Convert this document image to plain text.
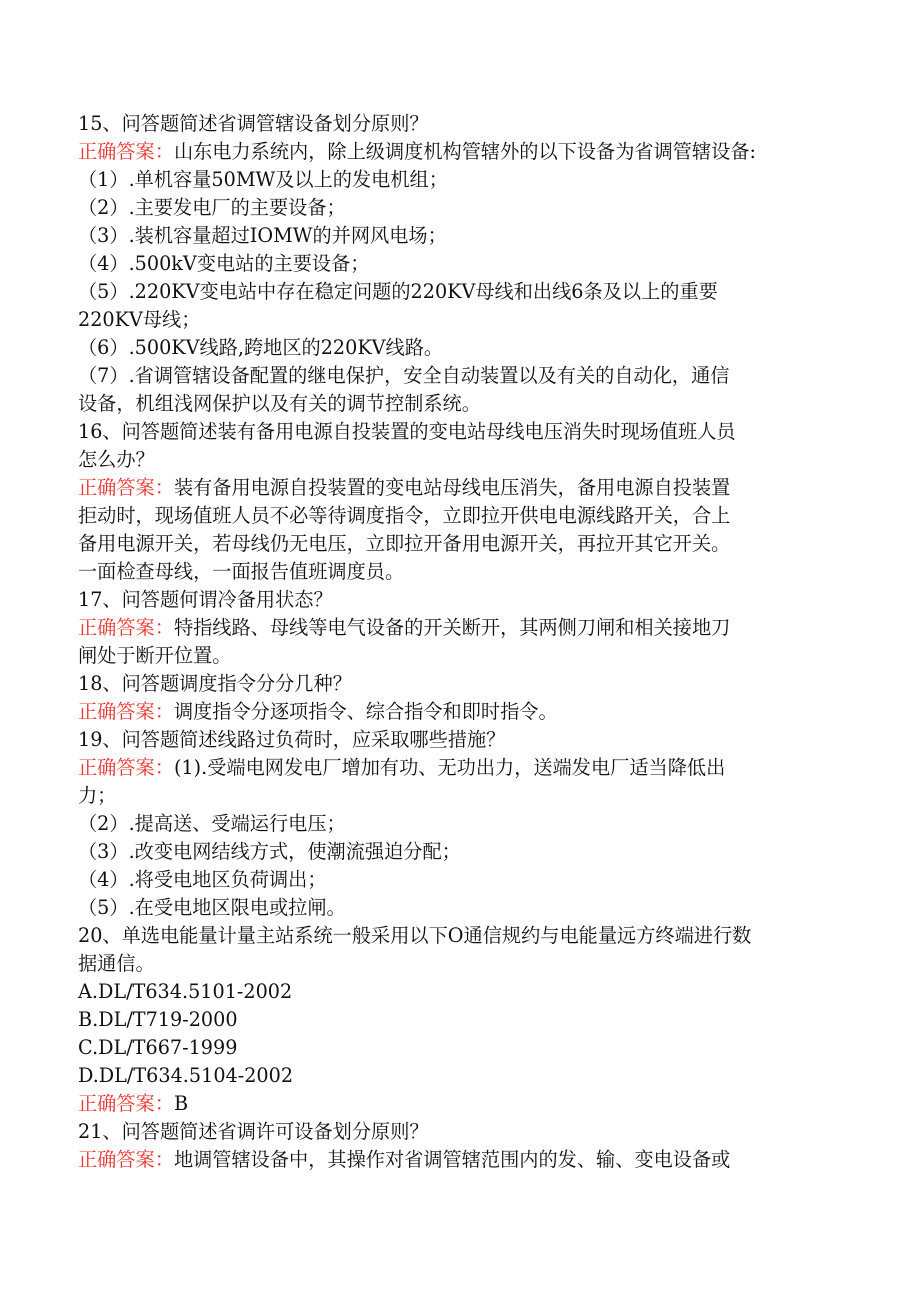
15、问答题简述省调管辖设备划分原则？
正确答案：山东电力系统内，除上级调度机构管辖外的以下设备为省调管辖设备:
（1）.单机容量50MW及以上的发电机组；
（2）.主要发电厂的主要设备；
（3）.装机容量超过IOMW的并网风电场；
（4）.500kV变电站的主要设备；
（5）.220KV变电站中存在稳定问题的220KV母线和出线6条及以上的重要
220KV母线；
（6）.500KV线路,跨地区的220KV线路。
（7）.省调管辖设备配置的继电保护，安全自动装置以及有关的自动化，通信
设备，机组浅网保护以及有关的调节控制系统。
16、问答题简述装有备用电源自投装置的变电站母线电压消失时现场值班人员
怎么办？
正确答案：装有备用电源自投装置的变电站母线电压消失，备用电源自投装置
拒动时，现场值班人员不必等待调度指令，立即拉开供电电源线路开关，合上
备用电源开关，若母线仍无电压，立即拉开备用电源开关，再拉开其它开关。
一面检查母线，一面报告值班调度员。
17、问答题何谓冷备用状态？
正确答案：特指线路、母线等电气设备的开关断开，其两侧刀闸和相关接地刀
闸处于断开位置。
18、问答题调度指令分分几种？
正确答案：调度指令分逐项指令、综合指令和即时指令。
19、问答题简述线路过负荷时，应采取哪些措施？
正确答案：(1).受端电网发电厂增加有功、无功出力，送端发电厂适当降低出
力；
（2）.提高送、受端运行电压；
（3）.改变电网结线方式，使潮流强迫分配；
（4）.将受电地区负荷调出；
（5）.在受电地区限电或拉闸。
20、单选电能量计量主站系统一般采用以下O通信规约与电能量远方终端进行数
据通信。
A.DL/T634.5101-2002
B.DL/T719-2000
C.DL/T667-1999
D.DL/T634.5104-2002
正确答案：B
21、问答题简述省调许可设备划分原则？
正确答案：地调管辖设备中，其操作对省调管辖范围内的发、输、变电设备或
